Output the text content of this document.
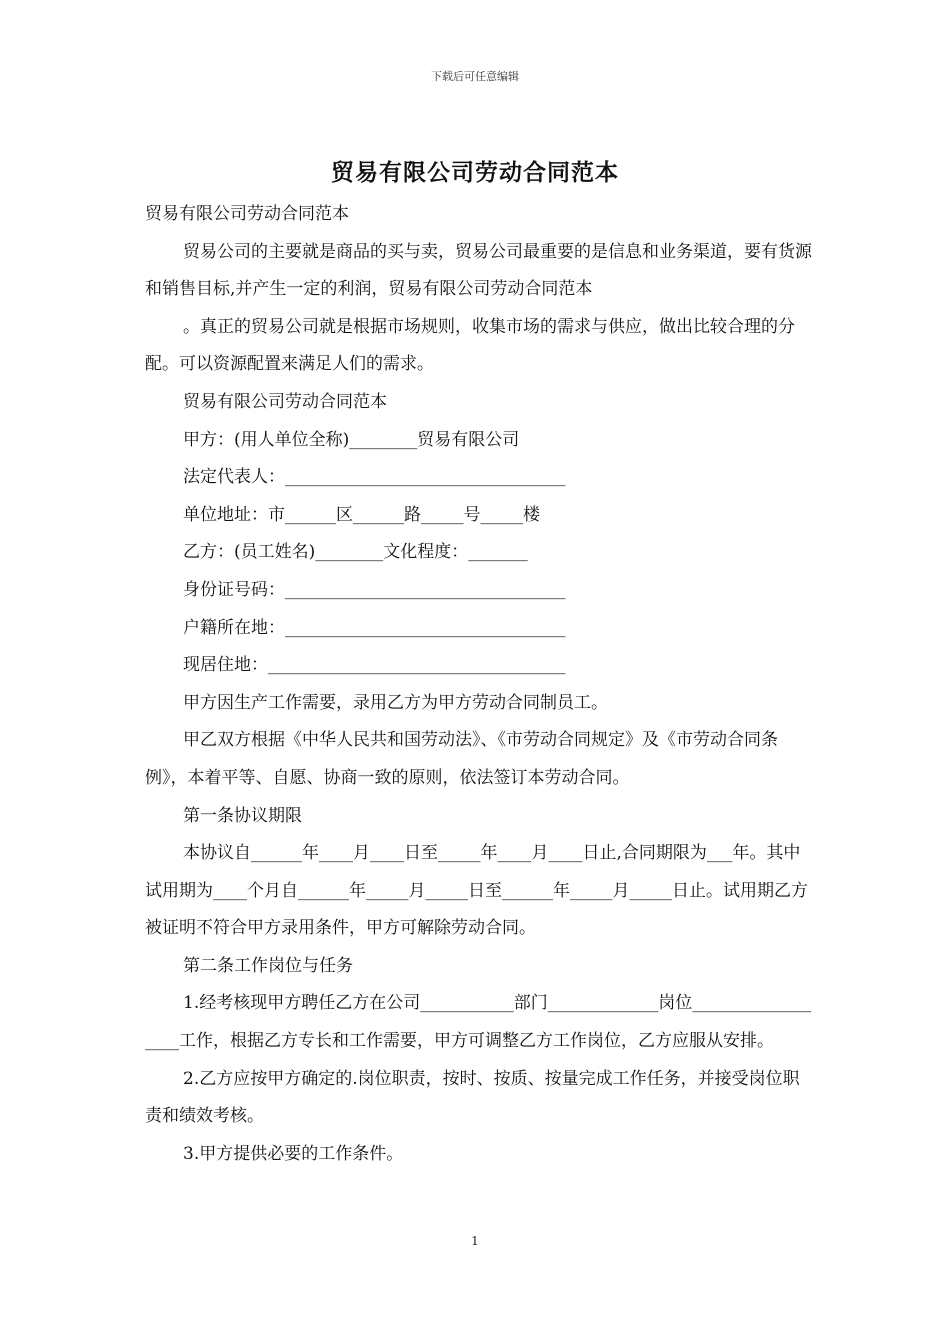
下载后可任意编辑
贸易有限公司劳动合同范本

贸易有限公司劳动合同范本

贸易公司的主要就是商品的买与卖，贸易公司最重要的是信息和业务渠道，要有货源和销售目标,并产生一定的利润，贸易有限公司劳动合同范本

。真正的贸易公司就是根据市场规则，收集市场的需求与供应，做出比较合理的分配。可以资源配置来满足人们的需求。

贸易有限公司劳动合同范本

甲方：(用人单位全称)________贸易有限公司

法定代表人：_________________________________

单位地址：市______区______路_____号_____楼

乙方：(员工姓名)________文化程度：_______

身份证号码：_________________________________

户籍所在地：_________________________________

现居住地：___________________________________

甲方因生产工作需要，录用乙方为甲方劳动合同制员工。

甲乙双方根据《中华人民共和国劳动法》、《市劳动合同规定》及《市劳动合同条例》，本着平等、自愿、协商一致的原则，依法签订本劳动合同。

第一条协议期限

本协议自______年____月____日至_____年____月____日止,合同期限为___年。其中试用期为____个月自______年_____月_____日至______年_____月_____日止。试用期乙方被证明不符合甲方录用条件，甲方可解除劳动合同。

第二条工作岗位与任务

1.经考核现甲方聘任乙方在公司___________部门_____________岗位__________________工作，根据乙方专长和工作需要，甲方可调整乙方工作岗位，乙方应服从安排。

2.乙方应按甲方确定的.岗位职责，按时、按质、按量完成工作任务，并接受岗位职责和绩效考核。

3.甲方提供必要的工作条件。

1
